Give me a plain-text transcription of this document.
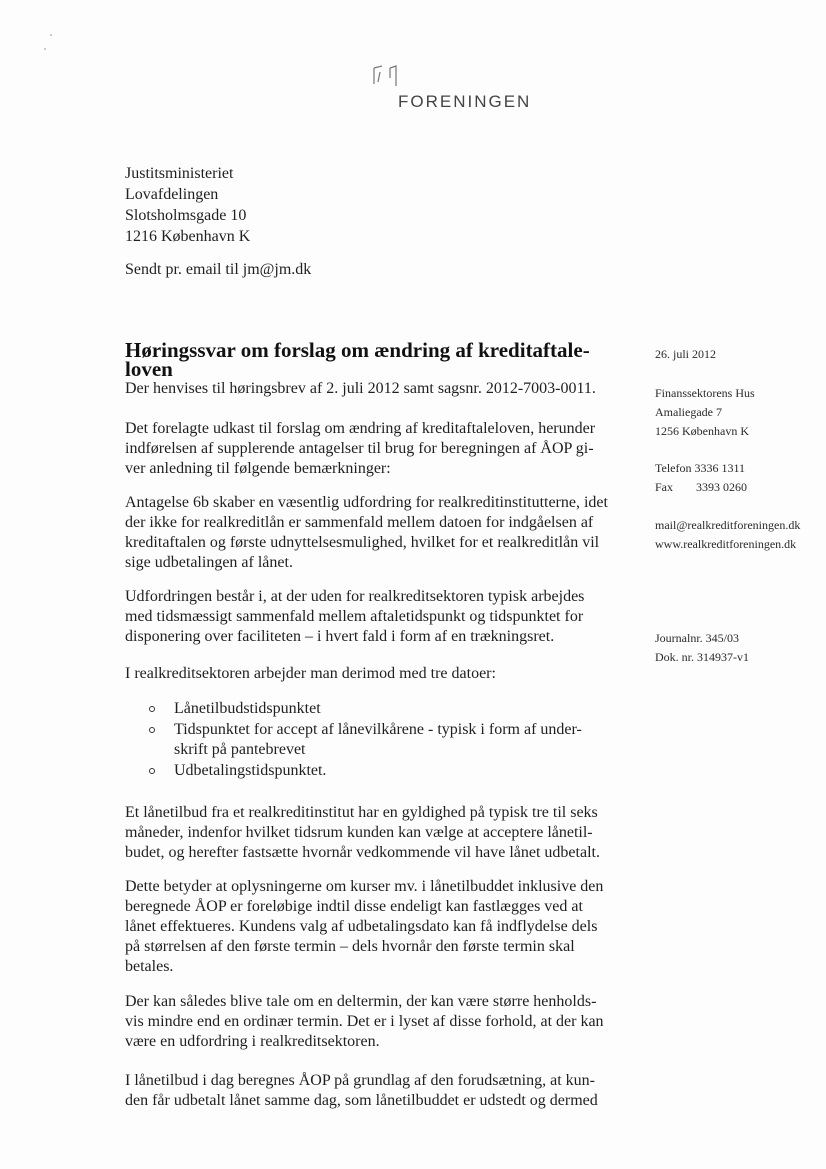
FORENINGEN
Justitsministeriet
Lovafdelingen
Slotsholmsgade 10
1216 København K
Sendt pr. email til jm@jm.dk
Høringssvar om forslag om ændring af kreditaftale-
loven
Der henvises til høringsbrev af 2. juli 2012 samt sagsnr. 2012-7003-0011.
Det forelagte udkast til forslag om ændring af kreditaftaleloven, herunder
indførelsen af supplerende antagelser til brug for beregningen af ÅOP gi-
ver anledning til følgende bemærkninger:
Antagelse 6b skaber en væsentlig udfordring for realkreditinstitutterne, idet
der ikke for realkreditlån er sammenfald mellem datoen for indgåelsen af
kreditaftalen og første udnyttelsesmulighed, hvilket for et realkreditlån vil
sige udbetalingen af lånet.
Udfordringen består i, at der uden for realkreditsektoren typisk arbejdes
med tidsmæssigt sammenfald mellem aftaletidspunkt og tidspunktet for
disponering over faciliteten – i hvert fald i form af en trækningsret.
I realkreditsektoren arbejder man derimod med tre datoer:
Lånetilbudstidspunktet
Tidspunktet for accept af lånevilkårene - typisk i form af under-
skrift på pantebrevet
Udbetalingstidspunktet.
Et lånetilbud fra et realkreditinstitut har en gyldighed på typisk tre til seks
måneder, indenfor hvilket tidsrum kunden kan vælge at acceptere lånetil-
budet, og herefter fastsætte hvornår vedkommende vil have lånet udbetalt.
Dette betyder at oplysningerne om kurser mv. i lånetilbuddet inklusive den
beregnede ÅOP er foreløbige indtil disse endeligt kan fastlægges ved at
lånet effektueres. Kundens valg af udbetalingsdato kan få indflydelse dels
på størrelsen af den første termin – dels hvornår den første termin skal
betales.
Der kan således blive tale om en deltermin, der kan være større henholds-
vis mindre end en ordinær termin. Det er i lyset af disse forhold, at der kan
være en udfordring i realkreditsektoren.
I lånetilbud i dag beregnes ÅOP på grundlag af den forudsætning, at kun-
den får udbetalt lånet samme dag, som lånetilbuddet er udstedt og dermed
26. juli 2012
Finanssektorens Hus
Amaliegade 7
1256 København K
Telefon 3336 1311
Fax 3393 0260
mail@realkreditforeningen.dk
www.realkreditforeningen.dk
Journalnr. 345/03
Dok. nr. 314937-v1
